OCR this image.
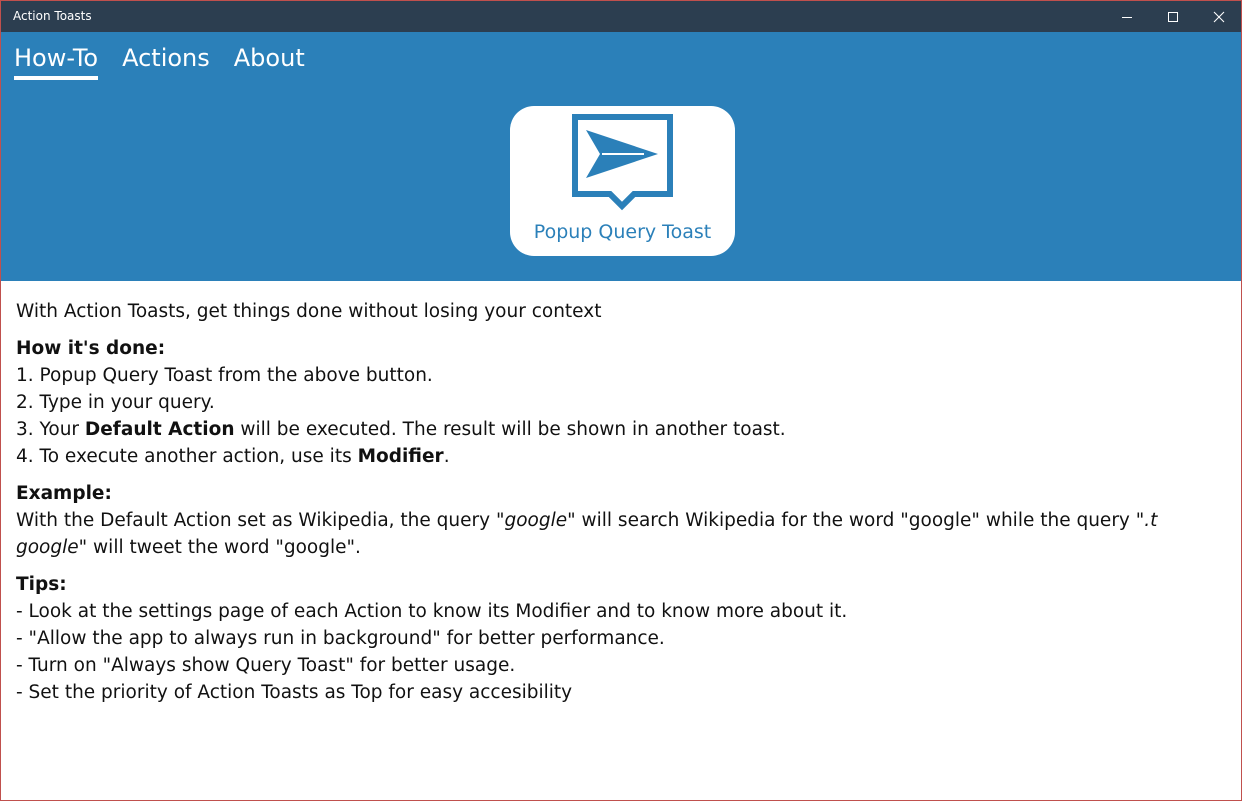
Action Toasts
How-To Actions About
Popup Query Toast

With Action Toasts, get things done without losing your context

How it's done:

1. Popup Query Toast from the above button.

2. Type in your query.

3. Your Default Action will be executed. The result will be shown in another toast.

4. To execute another action, use its Modifier.

Example:

With the Default Action set as Wikipedia, the query "google" will search Wikipedia for the word "google" while the query ".t google" will tweet the word "google".

Tips:

- Look at the settings page of each Action to know its Modifier and to know more about it.

- "Allow the app to always run in background" for better performance.

- Turn on "Always show Query Toast" for better usage.

- Set the priority of Action Toasts as Top for easy accesibility
